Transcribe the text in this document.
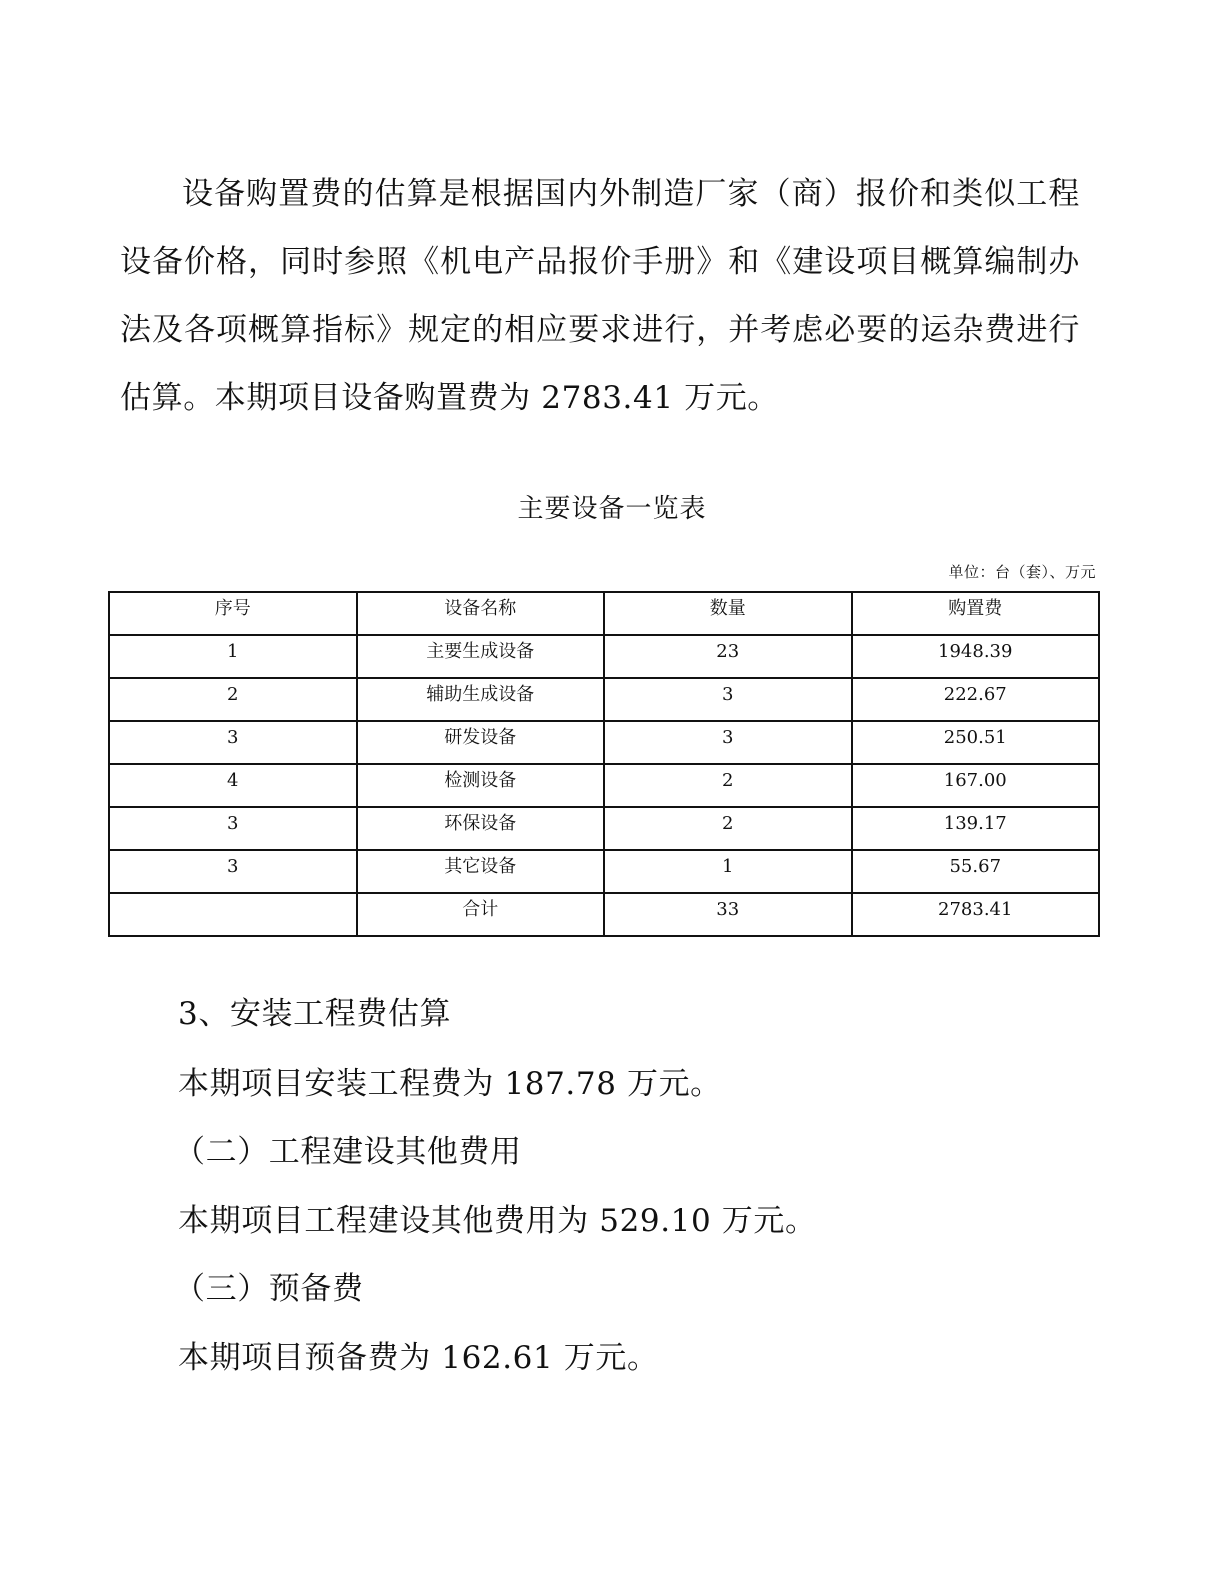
设备购置费的估算是根据国内外制造厂家（商）报价和类似工程设备价格，同时参照《机电产品报价手册》和《建设项目概算编制办法及各项概算指标》规定的相应要求进行，并考虑必要的运杂费进行估算。本期项目设备购置费为 2783.41 万元。

主要设备一览表
单位：台（套）、万元
序号	设备名称	数量	购置费
1	主要生成设备	23	1948.39
2	辅助生成设备	3	222.67
3	研发设备	3	250.51
4	检测设备	2	167.00
3	环保设备	2	139.17
3	其它设备	1	55.67
	合计	33	2783.41

3、安装工程费估算

本期项目安装工程费为 187.78 万元。

（二）工程建设其他费用

本期项目工程建设其他费用为 529.10 万元。

（三）预备费

本期项目预备费为 162.61 万元。
